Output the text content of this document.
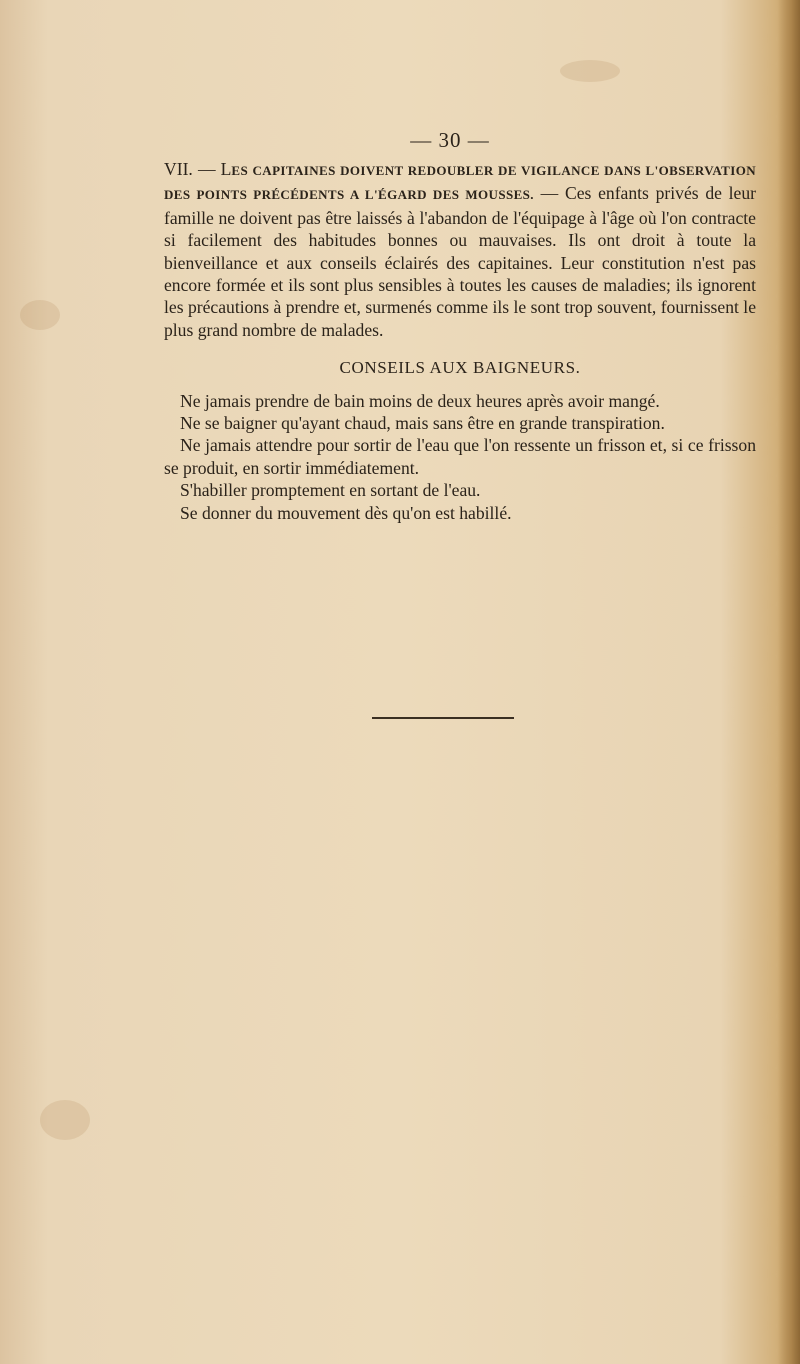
— 30 —

VII. — LES CAPITAINES DOIVENT REDOUBLER DE VIGILANCE DANS L'OBSERVATION DES POINTS PRÉCÉDENTS A L'ÉGARD DES MOUSSES. — Ces enfants privés de leur famille ne doivent pas être laissés à l'abandon de l'équipage à l'âge où l'on contracte si facilement des habitudes bonnes ou mauvaises. Ils ont droit à toute la bienveillance et aux conseils éclairés des capitaines. Leur constitution n'est pas encore formée et ils sont plus sensibles à toutes les causes de maladies; ils ignorent les précautions à prendre et, surmenés comme ils le sont trop souvent, fournissent le plus grand nombre de malades.

CONSEILS AUX BAIGNEURS.

Ne jamais prendre de bain moins de deux heures après avoir mangé.

Ne se baigner qu'ayant chaud, mais sans être en grande transpiration.

Ne jamais attendre pour sortir de l'eau que l'on ressente un frisson et, si ce frisson se produit, en sortir immédiatement.

S'habiller promptement en sortant de l'eau.

Se donner du mouvement dès qu'on est habillé.
